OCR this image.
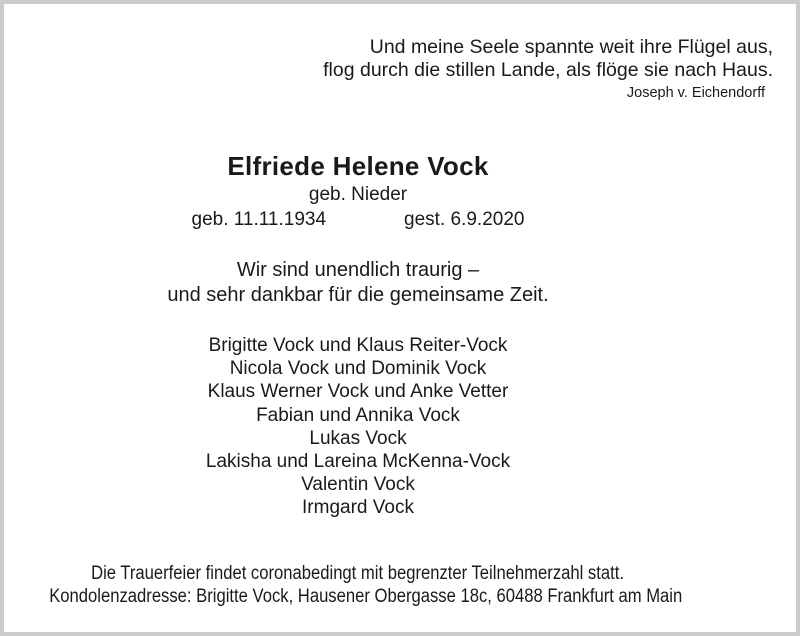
Und meine Seele spannte weit ihre Flügel aus,
flog durch die stillen Lande, als flöge sie nach Haus.
Joseph v. Eichendorff
Elfriede Helene Vock
geb. Nieder
geb. 11.11.1934	gest. 6.9.2020
Wir sind unendlich traurig –
und sehr dankbar für die gemeinsame Zeit.
Brigitte Vock und Klaus Reiter-Vock
Nicola Vock und Dominik Vock
Klaus Werner Vock und Anke Vetter
Fabian und Annika Vock
Lukas Vock
Lakisha und Lareina McKenna-Vock
Valentin Vock
Irmgard Vock
Die Trauerfeier findet coronabedingt mit begrenzter Teilnehmerzahl statt.
Kondolenzadresse: Brigitte Vock, Hausener Obergasse 18c, 60488 Frankfurt am Main
